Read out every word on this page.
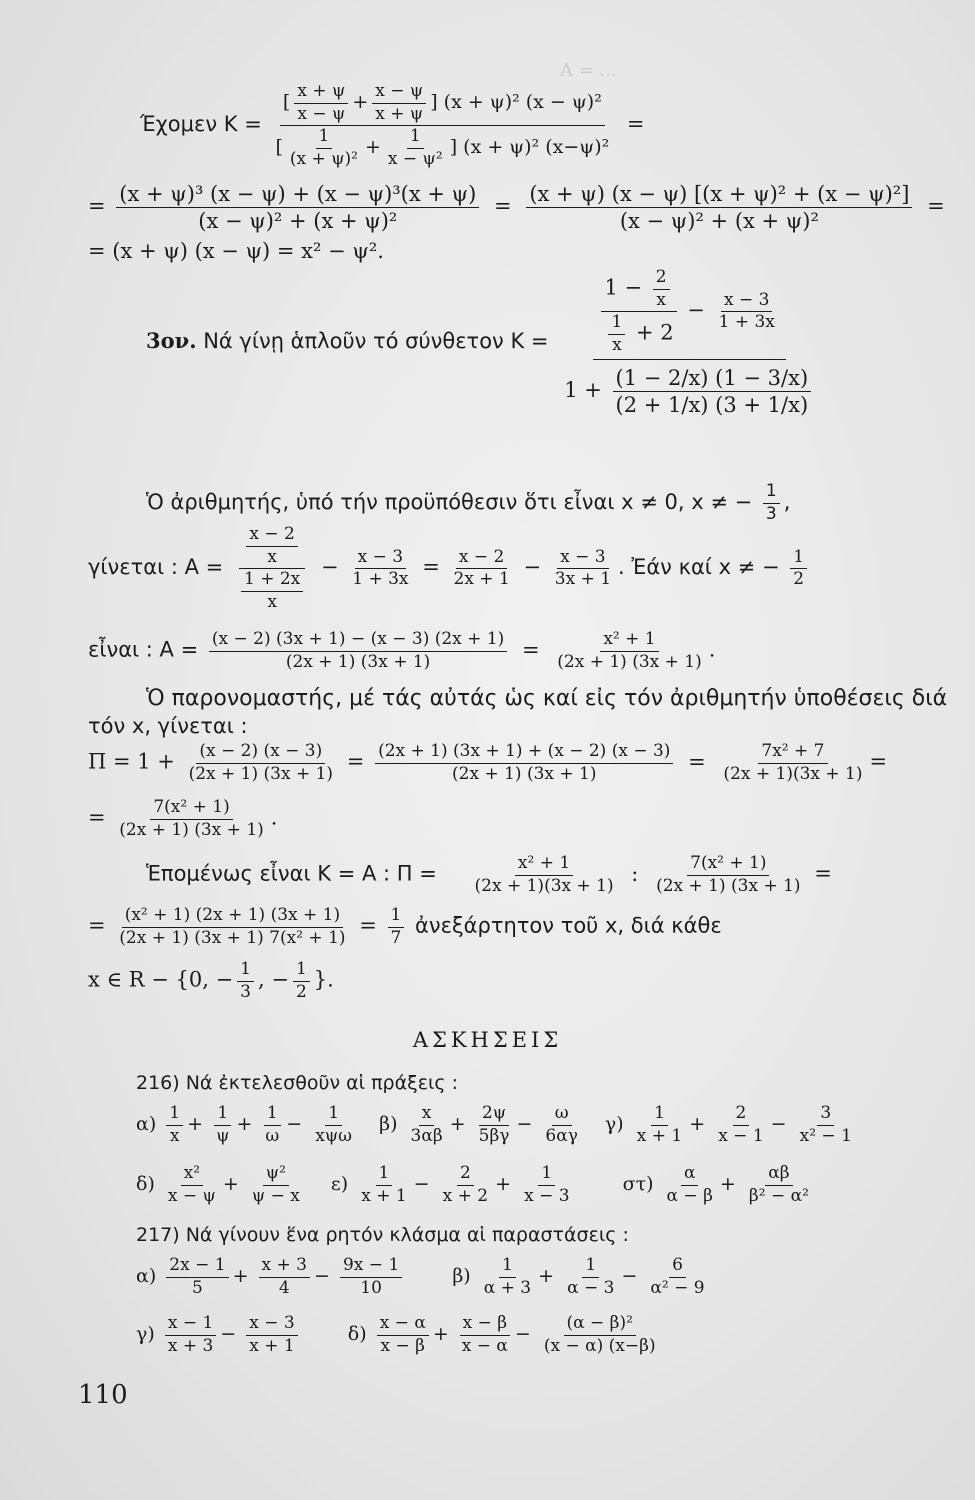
Α = ...
Έχομεν $K = \frac{[ \frac{x + \psi}{x - \psi} + \frac{x - \psi}{x + \psi} ] (x + \psi)^2 (x - \psi)^2}{[ \frac{1}{\text{(x + ψ)²}} + \frac{1}{\text{x − ψ²}} ] (x + \psi)^2 (x-\psi)^2}$ =
= $\frac{\text{(x + ψ)³ (x − ψ) + (x − ψ)³(x + ψ)}}{\text{(x − ψ)² + (x + ψ)²}} = \frac{\text{(x + ψ) (x − ψ) [(x + ψ)² + (x − ψ)²]}}{\text{(x − ψ)² + (x + ψ)²}}$ =
= (x + ψ) (x − ψ) = x² − ψ².
3ον. Νά γίνῃ ἁπλοῦν τό σύνθετον Κ =	$\frac{1 - \frac{2}{x}}{\frac{1}{x} + 2} - \frac{x - 3}{1 + 3x}$
$1 + \frac{(1 - 2/x) (1 - 3/x)}{(2 + 1/x) (3 + 1/x)}$
Ὁ ἀριθμητής, ὑπό τήν προϋπόθεσιν ὅτι εἶναι x ≠ 0, x ≠ − $\frac{1}{3}$ ,
γίνεται : $A = \frac{\frac{x - 2}{x}}{\frac{1 + 2x}{x}} - \frac{x - 3}{1 + 3x} = \frac{x - 2}{2x + 1} - \frac{x - 3}{3x + 1}$ . Ἐάν καί x ≠ − $\frac{1}{2}$
εἶναι : $A = \frac{(x - 2) (3x + 1) - (x - 3) (2x + 1)}{(2x + 1) (3x + 1)} = \frac{\text{x² + 1}}{(2x + 1) (3x + 1)}$ .
Ὁ παρονομαστής, μέ τάς αὐτάς ὡς καί εἰς τόν ἀριθμητήν ὑποθέσεις διά
τόν x, γίνεται :
$\Pi = 1 + \frac{(x - 2) (x - 3)}{(2x + 1) (3x + 1)} = \frac{(2x + 1) (3x + 1) + (x - 2) (x - 3)}{(2x + 1) (3x + 1)} = \frac{\text{7x² + 7}}{(2x + 1)(3x + 1)}$ =
= $\frac{\text{7(x² + 1)}}{(2x + 1) (3x + 1)}$ .
Ἑπομένως εἶναι Κ = Α : $\Pi = \frac{\text{x² + 1}}{(2x + 1)(3x + 1)}$ : $\frac{\text{7(x² + 1)}}{(2x + 1) (3x + 1)}$ =
= $\frac{\text{(x² + 1) (2x + 1) (3x + 1)}}{\text{(2x + 1) (3x + 1) 7(x² + 1)}} = \frac{1}{7}$ ἀνεξάρτητον τοῦ x, διά κάθε
x ∈ R − {0, − $\frac{1}{3}$ , − $\frac{1}{2}$ }.
ΑΣΚΗΣΕΙΣ
216) Νά ἐκτελεσθοῦν αἱ πράξεις :
$\alpha) \frac{1}{x} + \frac{1}{\psi} + \frac{1}{\omega} - \frac{1}{\text{xψω}} \beta) \frac{x}{3\alpha\beta} + \frac{2\psi}{5\beta\gamma} - \frac{\omega}{6\alpha\gamma} \gamma) \frac{1}{x + 1} + \frac{2}{x - 1} - \frac{3}{\text{x² − 1}}$
$\delta) \frac{\text{x²}}{x - \psi} + \frac{\text{ψ²}}{\psi - x} \varepsilon) \frac{1}{x + 1} - \frac{2}{x + 2} + \frac{1}{x - 3}$	$\sigma\tau) \frac{\alpha}{\alpha - \beta} + \frac{\alpha\beta}{\text{β² − α²}}$
217) Νά γίνουν ἕνα ρητόν κλάσμα αἱ παραστάσεις :
$\alpha) \frac{2x - 1}{5} + \frac{x + 3}{4} - \frac{9x - 1}{10}$	$\beta) \frac{1}{\alpha + 3} + \frac{1}{\alpha - 3} - \frac{6}{\text{α² − 9}}$
$\gamma) \frac{x - 1}{x + 3} - \frac{x - 3}{x + 1}$	$\delta) \frac{x - \alpha}{x - \beta} + \frac{x - \beta}{x - \alpha} - \frac{\text{(α − β)²}}{(x - \alpha) (x-\beta)}$
110
